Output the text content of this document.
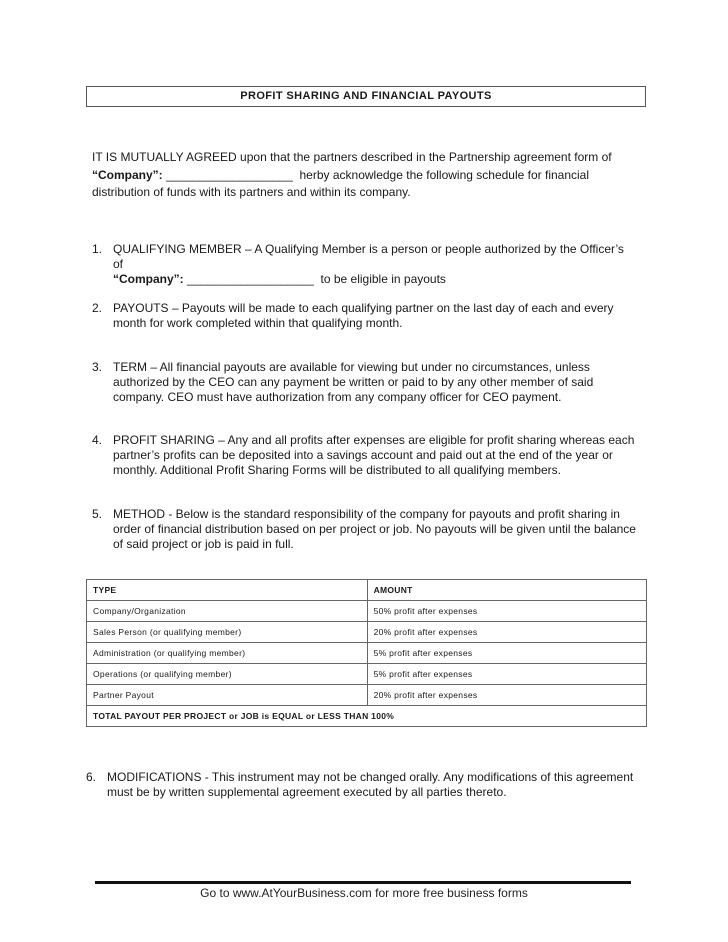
PROFIT SHARING AND FINANCIAL PAYOUTS
IT IS MUTUALLY AGREED upon that the partners described in the Partnership agreement form of
“Company”: ___________________ herby acknowledge the following schedule for financial distribution of funds with its partners and within its company.
1. QUALIFYING MEMBER – A Qualifying Member is a person or people authorized by the Officer’s of
“Company”: ___________________ to be eligible in payouts
2. PAYOUTS – Payouts will be made to each qualifying partner on the last day of each and every month for work completed within that qualifying month.
3. TERM – All financial payouts are available for viewing but under no circumstances, unless authorized by the CEO can any payment be written or paid to by any other member of said company. CEO must have authorization from any company officer for CEO payment.
4. PROFIT SHARING – Any and all profits after expenses are eligible for profit sharing whereas each partner’s profits can be deposited into a savings account and paid out at the end of the year or monthly. Additional Profit Sharing Forms will be distributed to all qualifying members.
5. METHOD - Below is the standard responsibility of the company for payouts and profit sharing in order of financial distribution based on per project or job. No payouts will be given until the balance of said project or job is paid in full.
TYPE	AMOUNT
Company/Organization	50% profit after expenses
Sales Person (or qualifying member)	20% profit after expenses
Administration (or qualifying member)	5% profit after expenses
Operations (or qualifying member)	5% profit after expenses
Partner Payout	20% profit after expenses
TOTAL PAYOUT PER PROJECT or JOB is EQUAL or LESS THAN 100%	
6. MODIFICATIONS - This instrument may not be changed orally. Any modifications of this agreement must be by written supplemental agreement executed by all parties thereto.
Go to www.AtYourBusiness.com for more free business forms
